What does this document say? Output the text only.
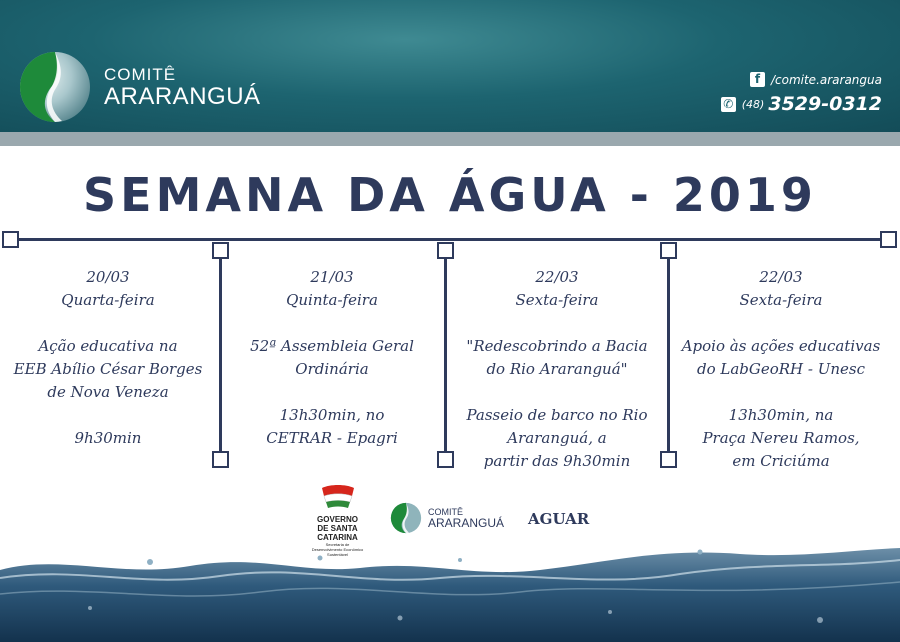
COMITÊ
ARARANGUÁ
f /comite.ararangua
✆ (48) 3529-0312
SEMANA DA ÁGUA - 2019
20/03
Quarta-feira
Ação educativa na
EEB Abílio César Borges
de Nova Veneza
9h30min
21/03
Quinta-feira
52ª Assembleia Geral
Ordinária
13h30min, no
CETRAR - Epagri
22/03
Sexta-feira
"Redescobrindo a Bacia
do Rio Araranguá"
Passeio de barco no Rio
Araranguá, a
partir das 9h30min
22/03
Sexta-feira
Apoio às ações educativas
do LabGeoRH - Unesc
13h30min, na
Praça Nereu Ramos,
em Criciúma
GOVERNO
DE SANTA
CATARINA
Secretaria de Desenvolvimento Econômico Sustentável
COMITÊ
ARARANGUÁ AGUAR
